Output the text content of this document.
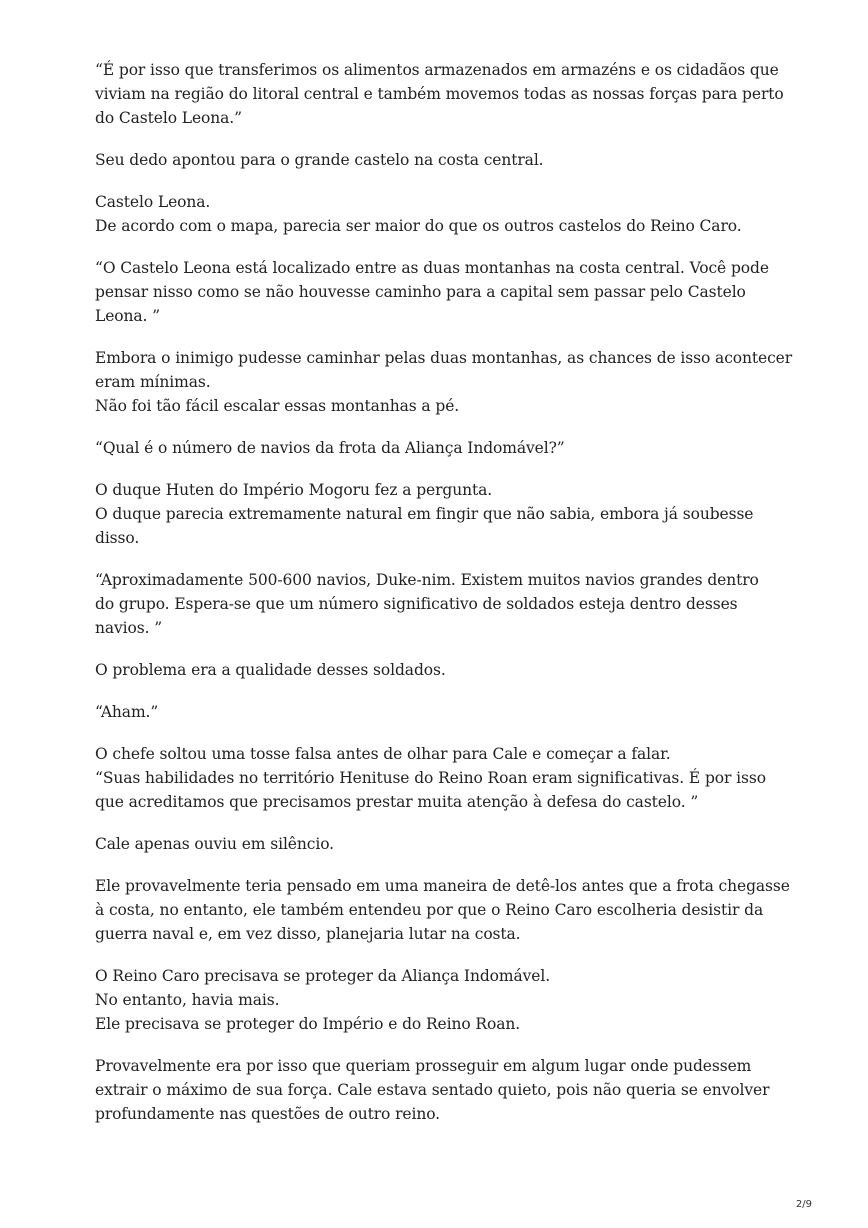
“É por isso que transferimos os alimentos armazenados em armazéns e os cidadãos que
viviam na região do litoral central e também movemos todas as nossas forças para perto
do Castelo Leona.”

Seu dedo apontou para o grande castelo na costa central.

Castelo Leona.
De acordo com o mapa, parecia ser maior do que os outros castelos do Reino Caro.

“O Castelo Leona está localizado entre as duas montanhas na costa central. Você pode
pensar nisso como se não houvesse caminho para a capital sem passar pelo Castelo
Leona. ”

Embora o inimigo pudesse caminhar pelas duas montanhas, as chances de isso acontecer
eram mínimas.
Não foi tão fácil escalar essas montanhas a pé.

“Qual é o número de navios da frota da Aliança Indomável?”

O duque Huten do Império Mogoru fez a pergunta.
O duque parecia extremamente natural em fingir que não sabia, embora já soubesse
disso.

“Aproximadamente 500-600 navios, Duke-nim. Existem muitos navios grandes dentro
do grupo. Espera-se que um número significativo de soldados esteja dentro desses
navios. ”

O problema era a qualidade desses soldados.

“Aham.”

O chefe soltou uma tosse falsa antes de olhar para Cale e começar a falar.
“Suas habilidades no território Henituse do Reino Roan eram significativas. É por isso
que acreditamos que precisamos prestar muita atenção à defesa do castelo. ”

Cale apenas ouviu em silêncio.

Ele provavelmente teria pensado em uma maneira de detê-los antes que a frota chegasse
à costa, no entanto, ele também entendeu por que o Reino Caro escolheria desistir da
guerra naval e, em vez disso, planejaria lutar na costa.

O Reino Caro precisava se proteger da Aliança Indomável.
No entanto, havia mais.
Ele precisava se proteger do Império e do Reino Roan.

Provavelmente era por isso que queriam prosseguir em algum lugar onde pudessem
extrair o máximo de sua força. Cale estava sentado quieto, pois não queria se envolver
profundamente nas questões de outro reino.

2/9
